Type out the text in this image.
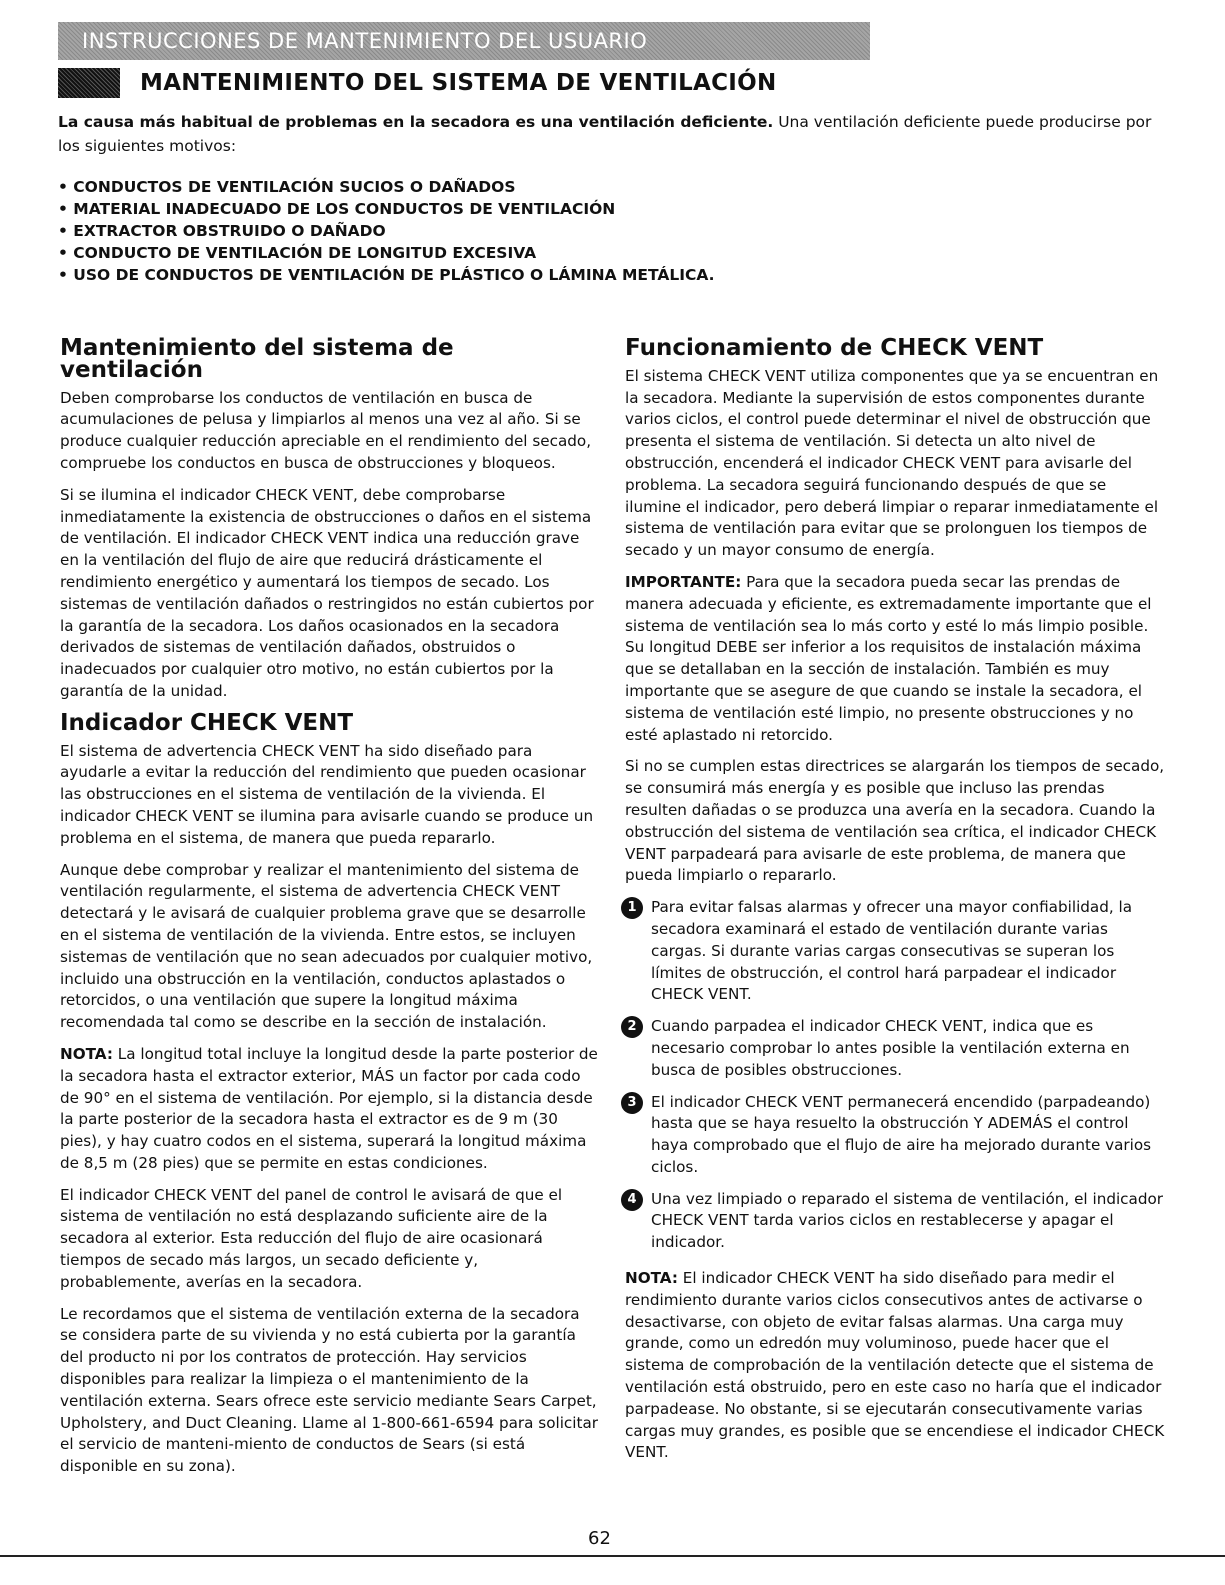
INSTRUCCIONES DE MANTENIMIENTO DEL USUARIO
MANTENIMIENTO DEL SISTEMA DE VENTILACIÓN
La causa más habitual de problemas en la secadora es una ventilación deficiente. Una ventilación deficiente puede producirse por los siguientes motivos:
• CONDUCTOS DE VENTILACIÓN SUCIOS O DAÑADOS
• MATERIAL INADECUADO DE LOS CONDUCTOS DE VENTILACIÓN
• EXTRACTOR OBSTRUIDO O DAÑADO
• CONDUCTO DE VENTILACIÓN DE LONGITUD EXCESIVA
• USO DE CONDUCTOS DE VENTILACIÓN DE PLÁSTICO O LÁMINA METÁLICA.
Mantenimiento del sistema de ventilación

Deben comprobarse los conductos de ventilación en busca de acumulaciones de pelusa y limpiarlos al menos una vez al año. Si se produce cualquier reducción apreciable en el rendimiento del secado, compruebe los conductos en busca de obstrucciones y bloqueos.

Si se ilumina el indicador CHECK VENT, debe comprobarse inmediatamente la existencia de obstrucciones o daños en el sistema de ventilación. El indicador CHECK VENT indica una reducción grave en la ventilación del flujo de aire que reducirá drásticamente el rendimiento energético y aumentará los tiempos de secado. Los sistemas de ventilación dañados o restringidos no están cubiertos por la garantía de la secadora. Los daños ocasionados en la secadora derivados de sistemas de ventilación dañados, obstruidos o inadecuados por cualquier otro motivo, no están cubiertos por la garantía de la unidad.

Indicador CHECK VENT

El sistema de advertencia CHECK VENT ha sido diseñado para ayudarle a evitar la reducción del rendimiento que pueden ocasionar las obstrucciones en el sistema de ventilación de la vivienda. El indicador CHECK VENT se ilumina para avisarle cuando se produce un problema en el sistema, de manera que pueda repararlo.

Aunque debe comprobar y realizar el mantenimiento del sistema de ventilación regularmente, el sistema de advertencia CHECK VENT detectará y le avisará de cualquier problema grave que se desarrolle en el sistema de ventilación de la vivienda. Entre estos, se incluyen sistemas de ventilación que no sean adecuados por cualquier motivo, incluido una obstrucción en la ventilación, conductos aplastados o retorcidos, o una ventilación que supere la longitud máxima recomendada tal como se describe en la sección de instalación.

NOTA: La longitud total incluye la longitud desde la parte posterior de la secadora hasta el extractor exterior, MÁS un factor por cada codo de 90° en el sistema de ventilación. Por ejemplo, si la distancia desde la parte posterior de la secadora hasta el extractor es de 9 m (30 pies), y hay cuatro codos en el sistema, superará la longitud máxima de 8,5 m (28 pies) que se permite en estas condiciones.

El indicador CHECK VENT del panel de control le avisará de que el sistema de ventilación no está desplazando suficiente aire de la secadora al exterior. Esta reducción del flujo de aire ocasionará tiempos de secado más largos, un secado deficiente y, probablemente, averías en la secadora.

Le recordamos que el sistema de ventilación externa de la secadora se considera parte de su vivienda y no está cubierta por la garantía del producto ni por los contratos de protección. Hay servicios disponibles para realizar la limpieza o el mantenimiento de la ventilación externa. Sears ofrece este servicio mediante Sears Carpet, Upholstery, and Duct Cleaning. Llame al 1-800-661-6594 para solicitar el servicio de manteni-miento de conductos de Sears (si está disponible en su zona).

Funcionamiento de CHECK VENT

El sistema CHECK VENT utiliza componentes que ya se encuentran en la secadora. Mediante la supervisión de estos componentes durante varios ciclos, el control puede determinar el nivel de obstrucción que presenta el sistema de ventilación. Si detecta un alto nivel de obstrucción, encenderá el indicador CHECK VENT para avisarle del problema. La secadora seguirá funcionando después de que se ilumine el indicador, pero deberá limpiar o reparar inmediatamente el sistema de ventilación para evitar que se prolonguen los tiempos de secado y un mayor consumo de energía.

IMPORTANTE: Para que la secadora pueda secar las prendas de manera adecuada y eficiente, es extremadamente importante que el sistema de ventilación sea lo más corto y esté lo más limpio posible. Su longitud DEBE ser inferior a los requisitos de instalación máxima que se detallaban en la sección de instalación. También es muy importante que se asegure de que cuando se instale la secadora, el sistema de ventilación esté limpio, no presente obstrucciones y no esté aplastado ni retorcido.

Si no se cumplen estas directrices se alargarán los tiempos de secado, se consumirá más energía y es posible que incluso las prendas resulten dañadas o se produzca una avería en la secadora. Cuando la obstrucción del sistema de ventilación sea crítica, el indicador CHECK VENT parpadeará para avisarle de este problema, de manera que pueda limpiarlo o repararlo.

1 Para evitar falsas alarmas y ofrecer una mayor confiabilidad, la secadora examinará el estado de ventilación durante varias cargas. Si durante varias cargas consecutivas se superan los límites de obstrucción, el control hará parpadear el indicador CHECK VENT.
2 Cuando parpadea el indicador CHECK VENT, indica que es necesario comprobar lo antes posible la ventilación externa en busca de posibles obstrucciones.
3 El indicador CHECK VENT permanecerá encendido (parpadeando) hasta que se haya resuelto la obstrucción Y ADEMÁS el control haya comprobado que el flujo de aire ha mejorado durante varios ciclos.
4 Una vez limpiado o reparado el sistema de ventilación, el indicador CHECK VENT tarda varios ciclos en restablecerse y apagar el indicador.

NOTA: El indicador CHECK VENT ha sido diseñado para medir el rendimiento durante varios ciclos consecutivos antes de activarse o desactivarse, con objeto de evitar falsas alarmas. Una carga muy grande, como un edredón muy voluminoso, puede hacer que el sistema de comprobación de la ventilación detecte que el sistema de ventilación está obstruido, pero en este caso no haría que el indicador parpadease. No obstante, si se ejecutarán consecutivamente varias cargas muy grandes, es posible que se encendiese el indicador CHECK VENT.

62
